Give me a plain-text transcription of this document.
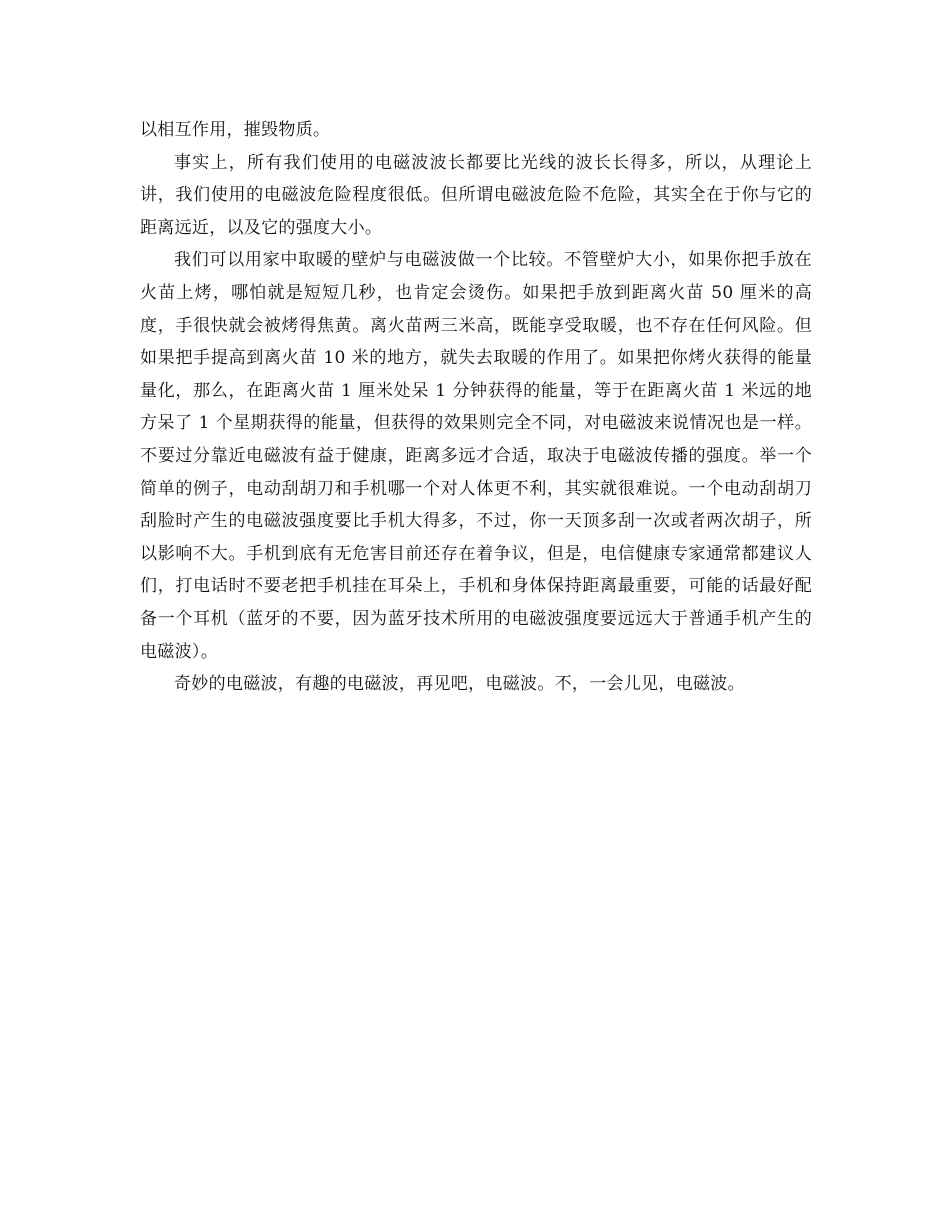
以相互作用，摧毁物质。

事实上，所有我们使用的电磁波波长都要比光线的波长长得多，所以，从理论上讲，我们使用的电磁波危险程度很低。但所谓电磁波危险不危险，其实全在于你与它的距离远近，以及它的强度大小。

我们可以用家中取暖的壁炉与电磁波做一个比较。不管壁炉大小，如果你把手放在火苗上烤，哪怕就是短短几秒，也肯定会烫伤。如果把手放到距离火苗 50 厘米的高度，手很快就会被烤得焦黄。离火苗两三米高，既能享受取暖，也不存在任何风险。但如果把手提高到离火苗 10 米的地方，就失去取暖的作用了。如果把你烤火获得的能量量化，那么，在距离火苗 1 厘米处呆 1 分钟获得的能量，等于在距离火苗 1 米远的地方呆了 1 个星期获得的能量，但获得的效果则完全不同，对电磁波来说情况也是一样。不要过分靠近电磁波有益于健康，距离多远才合适，取决于电磁波传播的强度。举一个简单的例子，电动刮胡刀和手机哪一个对人体更不利，其实就很难说。一个电动刮胡刀刮脸时产生的电磁波强度要比手机大得多，不过，你一天顶多刮一次或者两次胡子，所以影响不大。手机到底有无危害目前还存在着争议，但是，电信健康专家通常都建议人们，打电话时不要老把手机挂在耳朵上，手机和身体保持距离最重要，可能的话最好配备一个耳机（蓝牙的不要，因为蓝牙技术所用的电磁波强度要远远大于普通手机产生的电磁波）。

奇妙的电磁波，有趣的电磁波，再见吧，电磁波。不，一会儿见，电磁波。
